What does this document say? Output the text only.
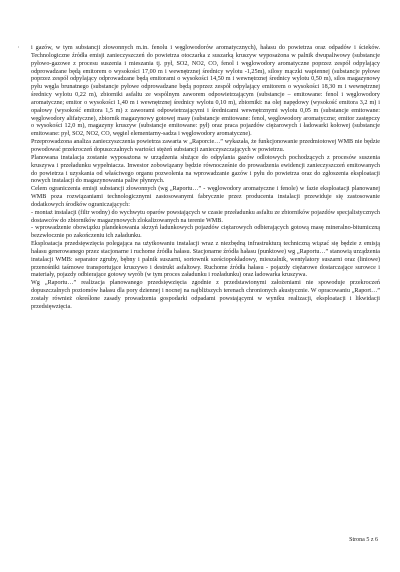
, i gazów, w tym substancji złowonnych m.in. fenolu i węglowodorów aromatycznych), hałasu do powietrza oraz odpadów i ścieków. Technologiczne źródła emisji zanieczyszczeń do powietrza otoczarka z suszarką kruszyw wyposażona w palnik dwupaliwowy (substancje pyłowo-gazowe z procesu suszenia i mieszania tj. pył, SO2, NO2, CO, fenol i węglowodory aromatyczne poprzez zespół odpylający odprowadzane będą emitorem o wysokości 17,00 m i wewnętrznej średnicy wylotu -1,25m), silosy mączki wapiennej (substancje pyłowe poprzez zespół odpylający odprowadzane będą emitorami o wysokości 14,50 m i wewnętrznej średnicy wylotu 0,50 m), silos magazynowy pyłu węgla brunatnego (substancje pyłowe odprowadzane będą poprzez zespół odpylający emitorem o wysokości 18,30 m i wewnętrznej średnicy wylotu 0,22 m), zbiorniki asfaltu ze wspólnym zaworem odpowietrzającym (substancje – emitowane: fenol i węglowodory aromatyczne; emitor o wysokości 1,40 m i wewnętrznej średnicy wylotu 0,10 m), zbiorniki: na olej napędowy (wysokość emitora 3,2 m) i opałowy (wysokość emitora 1,5 m) z zaworami odpowietrzającymi i średnicami wewnętrznymi wylotu 0,05 m (substancje emitowane: węglowodory alifatyczne), zbiornik magazynowy gotowej masy (substancje emitowane: fenol, węglowodory aromatyczne; emitor zastępczy o wysokości 12,0 m), magazyny kruszyw (substancje emitowane: pył) oraz praca pojazdów ciężarowych i ładowarki kołowej (substancje emitowane: pył, SO2, NO2, CO, węgiel elementarny-sadza i węglowodory aromatyczne).

Przeprowadzona analiza zanieczyszczenia powietrza zawarta w „Raporcie…” wykazała, że funkcjonowanie przedmiotowej WMB nie będzie powodować przekroczeń dopuszczalnych wartości stężeń substancji zanieczyszczających w powietrzu.

Planowana instalacja zostanie wyposażona w urządzenia służące do odpylania gazów odlotowych pochodzących z procesów suszenia kruszywa i przeładunku wypełniacza. Inwestor zobowiązany będzie równocześnie do prowadzenia ewidencji zanieczyszczeń emitowanych do powietrza i uzyskania od właściwego organu pozwolenia na wprowadzanie gazów i pyłu do powietrza oraz do zgłoszenia eksploatacji nowych instalacji do magazynowania paliw płynnych.

Celem ograniczenia emisji substancji złowonnych (wg „Raportu…” - węglowodory aromatyczne i fenole) w fazie eksploatacji planowanej WMB poza rozwiązaniami technologicznymi zastosowanymi fabrycznie przez producenta instalacji przewiduje się zastosowanie dodatkowych środków ograniczających:

- montaż instalacji (filtr wodny) do wychwytu oparów powstających w czasie przeładunku asfaltu ze zbiorników pojazdów specjalistycznych dostawców do zbiorników magazynowych zlokalizowanych na terenie WMB.

- wprowadzenie obowiązku plandekowania skrzyń ładunkowych pojazdów ciężarowych odbierających gotową masę mineralno-bitumiczną bezzwłocznie po zakończeniu ich załadunku.

Eksploatacja przedsięwzięcia polegająca na użytkowaniu instalacji wraz z niezbędną infrastrukturą techniczną wiązać się będzie z emisją hałasu generowanego przez stacjonarne i ruchome źródła hałasu. Stacjonarne źródła hałasu (punktowe) wg „Raportu…” stanowią urządzenia instalacji WMB: separator zgruby, bębny i palnik suszarni, sortownik sześciopokładowy, mieszalnik, wentylatory suszarni oraz (liniowe) przenośniki taśmowe transportujące kruszywo i destrukt asfaltowy. Ruchome źródła hałasu - pojazdy ciężarowe dostarczające surowce i materiały, pojazdy odbierające gotowy wyrób (w tym proces załadunku i rozładunku) oraz ładowarka kruszywa.

Wg „Raportu…” realizacja planowanego przedsięwzięcia zgodnie z przedstawionymi założeniami nie spowoduje przekroczeń dopuszczalnych poziomów hałasu dla pory dziennej i nocnej na najbliższych terenach chronionych akustycznie. W opracowaniu „Raport…” zostały również określone zasady prowadzenia gospodarki odpadami powstającymi w wyniku realizacji, eksploatacji i likwidacji przedsięwzięcia.

Strona 5 z 6
